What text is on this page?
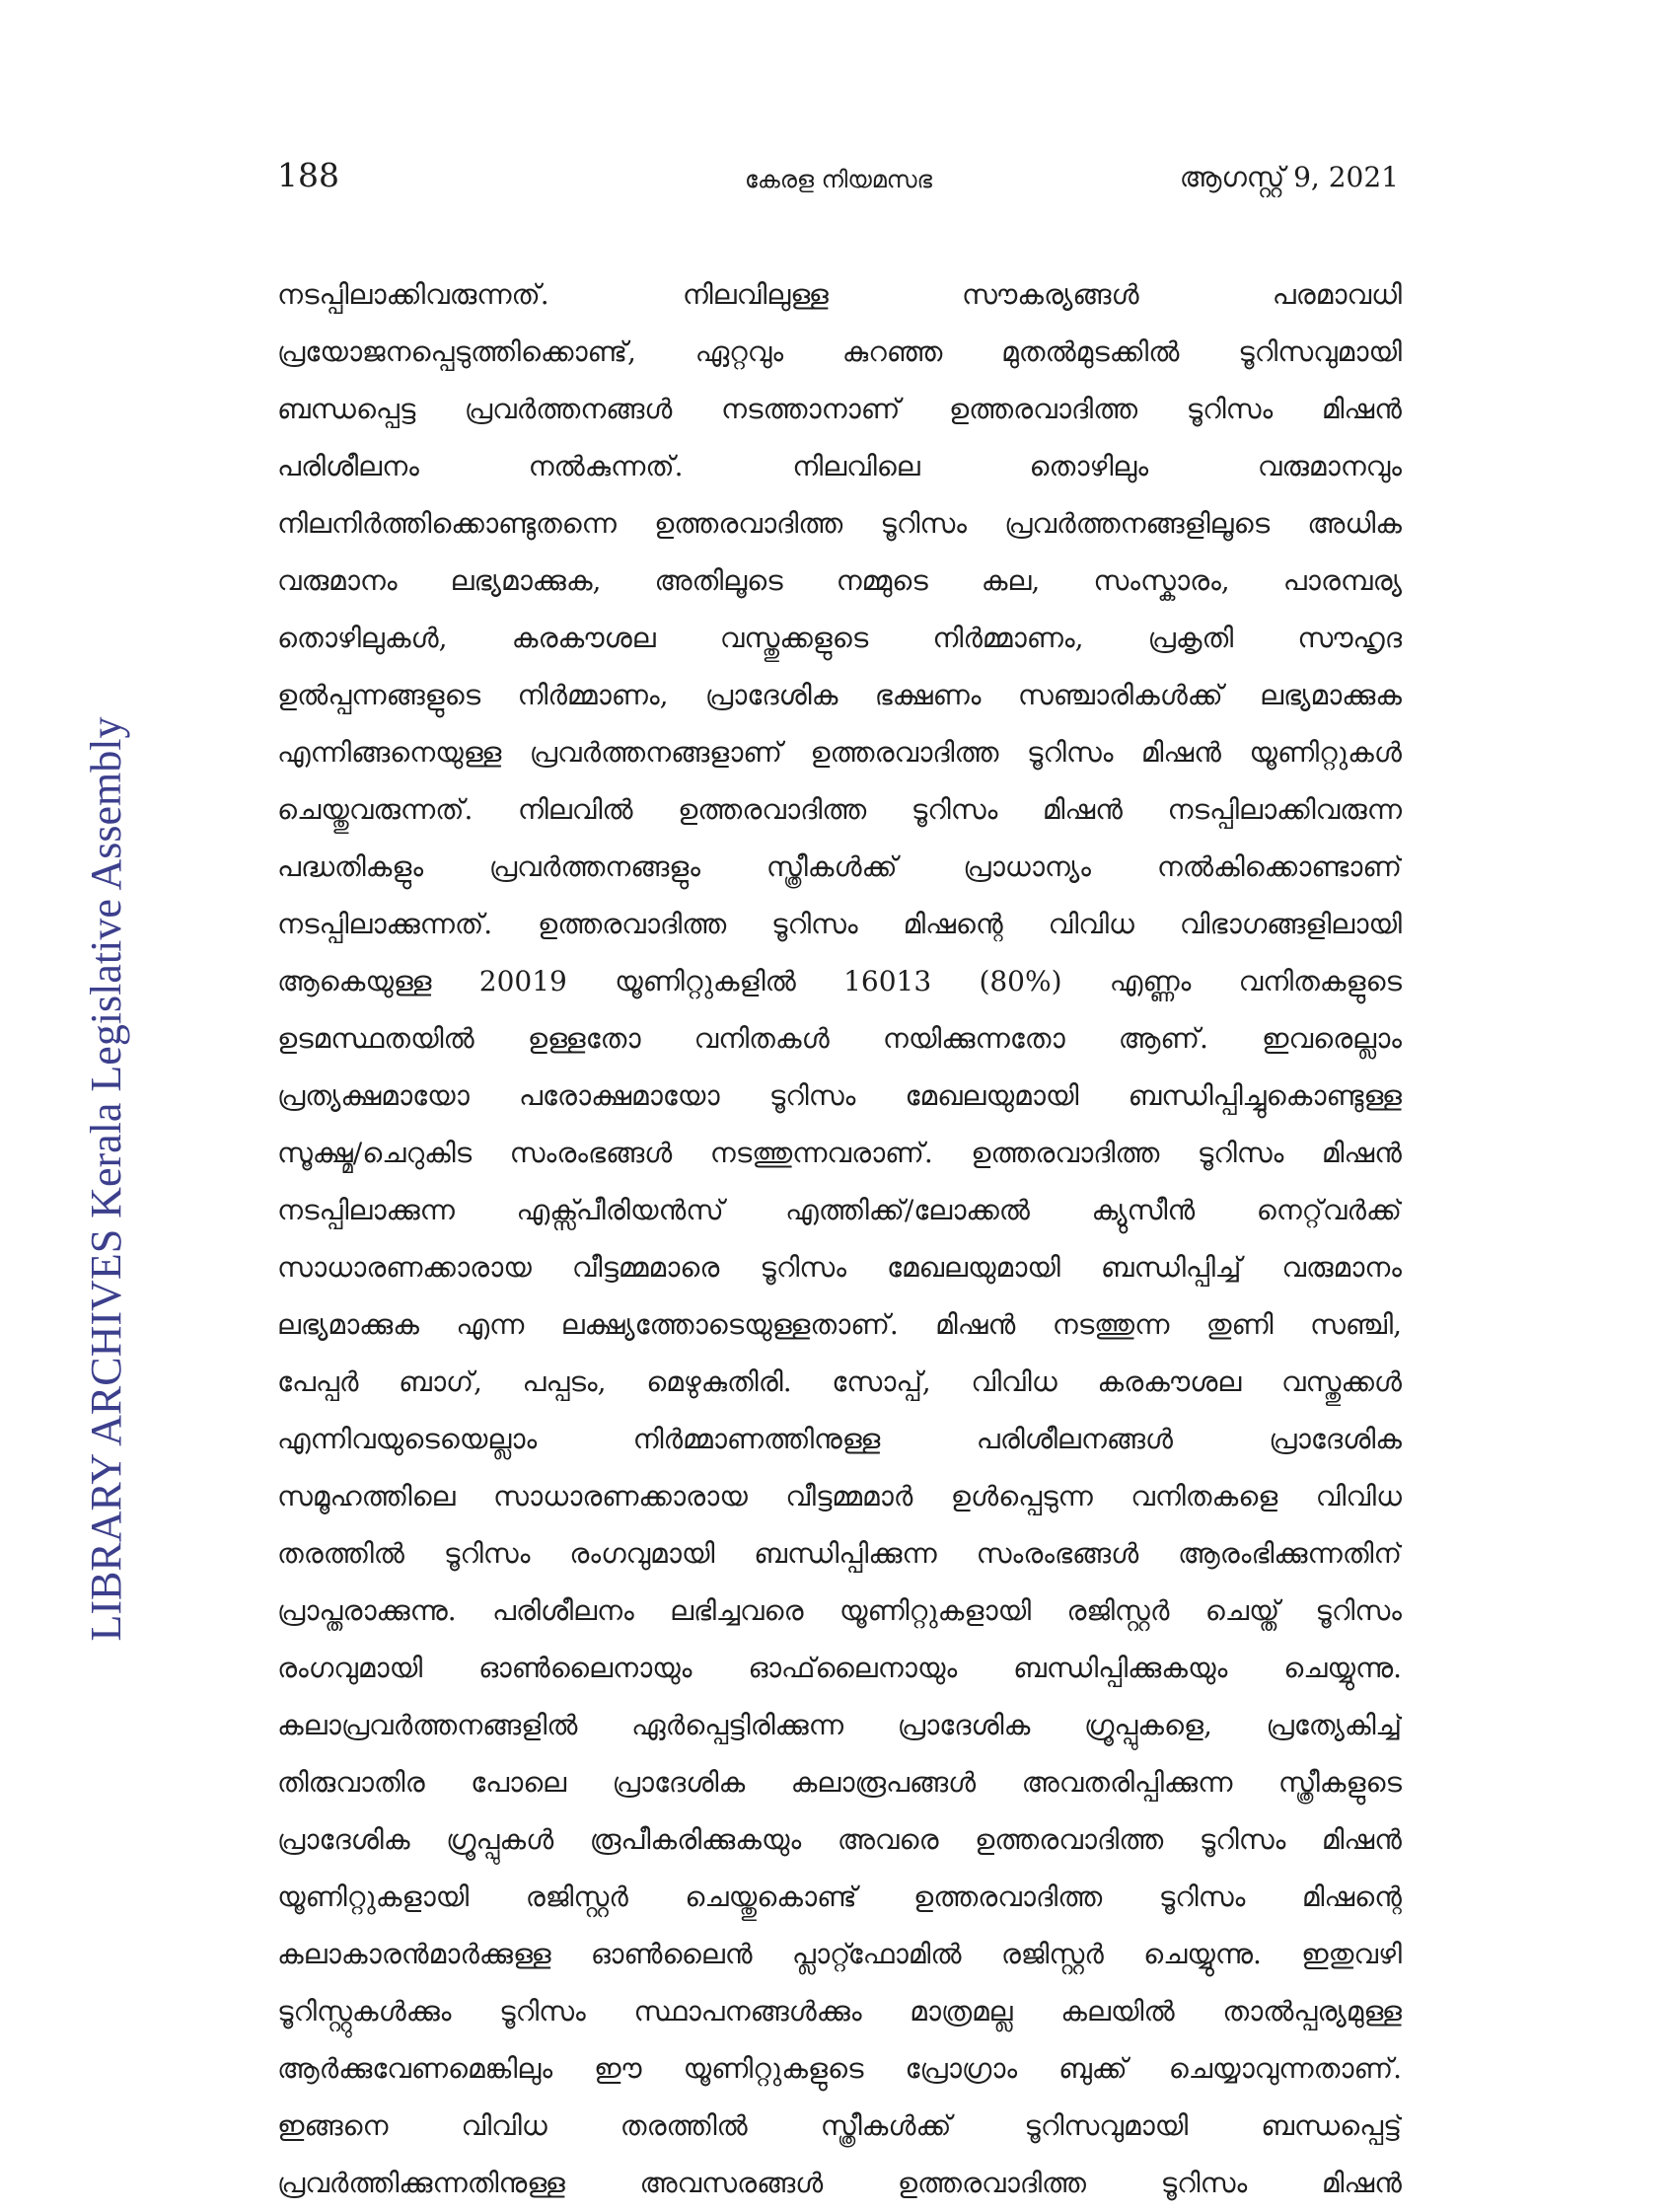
188	കേരള നിയമസഭ	ആഗസ്റ്റ് 9, 2021
LIBRARY ARCHIVES Kerala Legislative Assembly
നടപ്പിലാക്കിവരുന്നത്. നിലവിലുള്ള സൗകര്യങ്ങൾ പരമാവധി
പ്രയോജനപ്പെടുത്തിക്കൊണ്ട്, ഏറ്റവും കുറഞ്ഞ മുതൽമുടക്കിൽ ടൂറിസവുമായി
ബന്ധപ്പെട്ട പ്രവർത്തനങ്ങൾ നടത്താനാണ് ഉത്തരവാദിത്ത ടൂറിസം മിഷൻ
പരിശീലനം നൽകുന്നത്. നിലവിലെ തൊഴിലും വരുമാനവും
നിലനിർത്തിക്കൊണ്ടുതന്നെ ഉത്തരവാദിത്ത ടൂറിസം പ്രവർത്തനങ്ങളിലൂടെ അധിക
വരുമാനം ലഭ്യമാക്കുക, അതിലൂടെ നമ്മുടെ കല, സംസ്കാരം, പാരമ്പര്യ
തൊഴിലുകൾ, കരകൗശല വസ്തുക്കളുടെ നിർമ്മാണം, പ്രകൃതി സൗഹൃദ
ഉൽപ്പന്നങ്ങളുടെ നിർമ്മാണം, പ്രാദേശിക ഭക്ഷണം സഞ്ചാരികൾക്ക് ലഭ്യമാക്കുക
എന്നിങ്ങനെയുള്ള പ്രവർത്തനങ്ങളാണ് ഉത്തരവാദിത്ത ടൂറിസം മിഷൻ യൂണിറ്റുകൾ
ചെയ്തുവരുന്നത്. നിലവിൽ ഉത്തരവാദിത്ത ടൂറിസം മിഷൻ നടപ്പിലാക്കിവരുന്ന
പദ്ധതികളും പ്രവർത്തനങ്ങളും സ്ത്രീകൾക്ക് പ്രാധാന്യം നൽകിക്കൊണ്ടാണ്
നടപ്പിലാക്കുന്നത്. ഉത്തരവാദിത്ത ടൂറിസം മിഷന്റെ വിവിധ വിഭാഗങ്ങളിലായി
ആകെയുള്ള 20019 യൂണിറ്റുകളിൽ 16013 (80%) എണ്ണം വനിതകളുടെ
ഉടമസ്ഥതയിൽ ഉള്ളതോ വനിതകൾ നയിക്കുന്നതോ ആണ്. ഇവരെല്ലാം
പ്രത്യക്ഷമായോ പരോക്ഷമായോ ടൂറിസം മേഖലയുമായി ബന്ധിപ്പിച്ചുകൊണ്ടുള്ള
സൂക്ഷ്മ/ചെറുകിട സംരംഭങ്ങൾ നടത്തുന്നവരാണ്. ഉത്തരവാദിത്ത ടൂറിസം മിഷൻ
നടപ്പിലാക്കുന്ന എക്സ്പീരിയൻസ് എത്തിക്ക്/ലോക്കൽ ക്യുസീൻ നെറ്റ്‌വർക്ക്
സാധാരണക്കാരായ വീട്ടമ്മമാരെ ടൂറിസം മേഖലയുമായി ബന്ധിപ്പിച്ച് വരുമാനം
ലഭ്യമാക്കുക എന്ന ലക്ഷ്യത്തോടെയുള്ളതാണ്. മിഷൻ നടത്തുന്ന തുണി സഞ്ചി,
പേപ്പർ ബാഗ്, പപ്പടം, മെഴുകുതിരി. സോപ്പ്, വിവിധ കരകൗശല വസ്തുക്കൾ
എന്നിവയുടെയെല്ലാം നിർമ്മാണത്തിനുള്ള പരിശീലനങ്ങൾ പ്രാദേശിക
സമൂഹത്തിലെ സാധാരണക്കാരായ വീട്ടമ്മമാർ ഉൾപ്പെടുന്ന വനിതകളെ വിവിധ
തരത്തിൽ ടൂറിസം രംഗവുമായി ബന്ധിപ്പിക്കുന്ന സംരംഭങ്ങൾ ആരംഭിക്കുന്നതിന്
പ്രാപ്തരാക്കുന്നു. പരിശീലനം ലഭിച്ചവരെ യൂണിറ്റുകളായി രജിസ്റ്റർ ചെയ്ത് ടൂറിസം
രംഗവുമായി ഓൺലൈനായും ഓഫ്‌ലൈനായും ബന്ധിപ്പിക്കുകയും ചെയ്യുന്നു.
കലാപ്രവർത്തനങ്ങളിൽ ഏർപ്പെട്ടിരിക്കുന്ന പ്രാദേശിക ഗ്രൂപ്പുകളെ, പ്രത്യേകിച്ച്
തിരുവാതിര പോലെ പ്രാദേശിക കലാരൂപങ്ങൾ അവതരിപ്പിക്കുന്ന സ്ത്രീകളുടെ
പ്രാദേശിക ഗ്രൂപ്പുകൾ രൂപീകരിക്കുകയും അവരെ ഉത്തരവാദിത്ത ടൂറിസം മിഷൻ
യൂണിറ്റുകളായി രജിസ്റ്റർ ചെയ്തുകൊണ്ട് ഉത്തരവാദിത്ത ടൂറിസം മിഷന്റെ
കലാകാരൻമാർക്കുള്ള ഓൺലൈൻ പ്ലാറ്റ്ഫോമിൽ രജിസ്റ്റർ ചെയ്യുന്നു. ഇതുവഴി
ടൂറിസ്റ്റുകൾക്കും ടൂറിസം സ്ഥാപനങ്ങൾക്കും മാത്രമല്ല കലയിൽ താൽപ്പര്യമുള്ള
ആർക്കുവേണമെങ്കിലും ഈ യൂണിറ്റുകളുടെ പ്രോഗ്രാം ബുക്ക് ചെയ്യാവുന്നതാണ്.
ഇങ്ങനെ വിവിധ തരത്തിൽ സ്ത്രീകൾക്ക് ടൂറിസവുമായി ബന്ധപ്പെട്ട്
പ്രവർത്തിക്കുന്നതിനുള്ള അവസരങ്ങൾ ഉത്തരവാദിത്ത ടൂറിസം മിഷൻ
